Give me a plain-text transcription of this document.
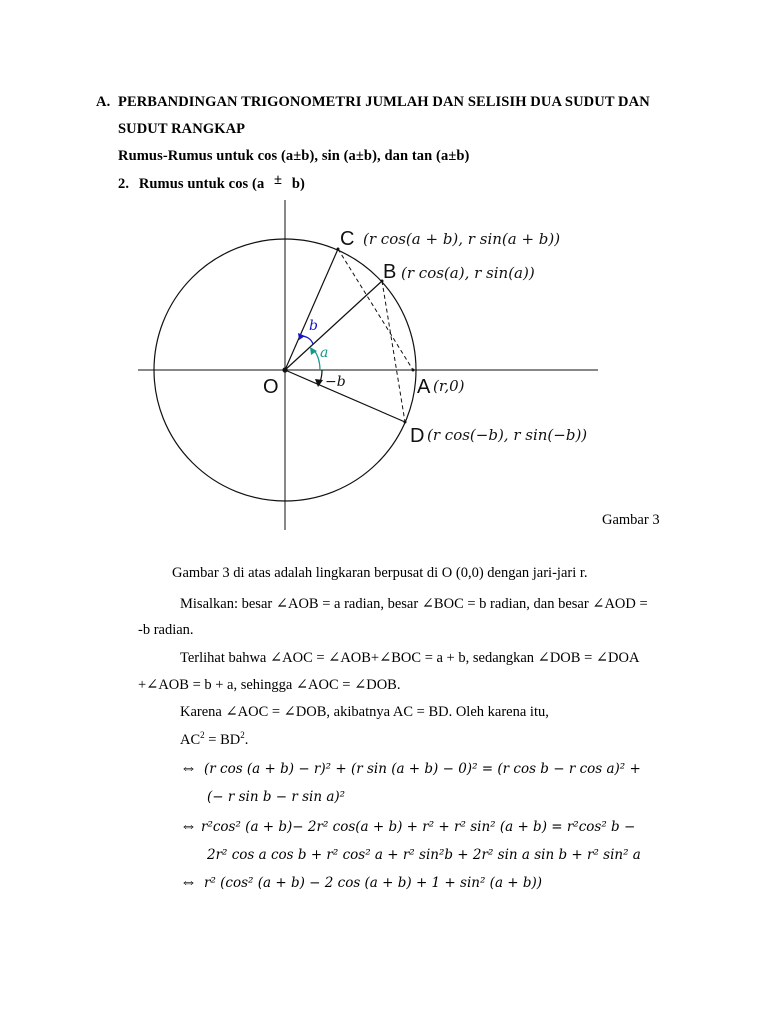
A. PERBANDINGAN TRIGONOMETRI JUMLAH DAN SELISIH DUA SUDUT DAN
SUDUT RANGKAP
Rumus-Rumus untuk cos (a±b), sin (a±b), dan tan (a±b)
2. Rumus untuk cos (a ± b)
C (r cos(a + b), r sin(a + b))
B (r cos(a), r sin(a))
O	A (r,0)
D (r cos(−b), r sin(−b))
b
a
−b
Gambar 3
Gambar 3 di atas adalah lingkaran berpusat di O (0,0) dengan jari-jari r.
Misalkan: besar ∠AOB = a radian, besar ∠BOC = b radian, dan besar ∠AOD =
-b radian.
Terlihat bahwa ∠AOC = ∠AOB+∠BOC = a + b, sedangkan ∠DOB = ∠DOA
+∠AOB = b + a, sehingga ∠AOC = ∠DOB.
Karena ∠AOC = ∠DOB, akibatnya AC = BD. Oleh karena itu,
$AC^2 = BD^2$.
⇔ (r cos (a + b) − r)² + (r sin (a + b) − 0)² = (r cos b − r cos a)² +
(− r sin b − r sin a)²
⇔ r²cos² (a + b)− 2r² cos(a + b) + r² + r² sin² (a + b) = r²cos² b −
2r² cos a cos b + r² cos² a + r² sin²b + 2r² sin a sin b + r² sin² a
⇔ r² (cos² (a + b) − 2 cos (a + b) + 1 + sin² (a + b))
